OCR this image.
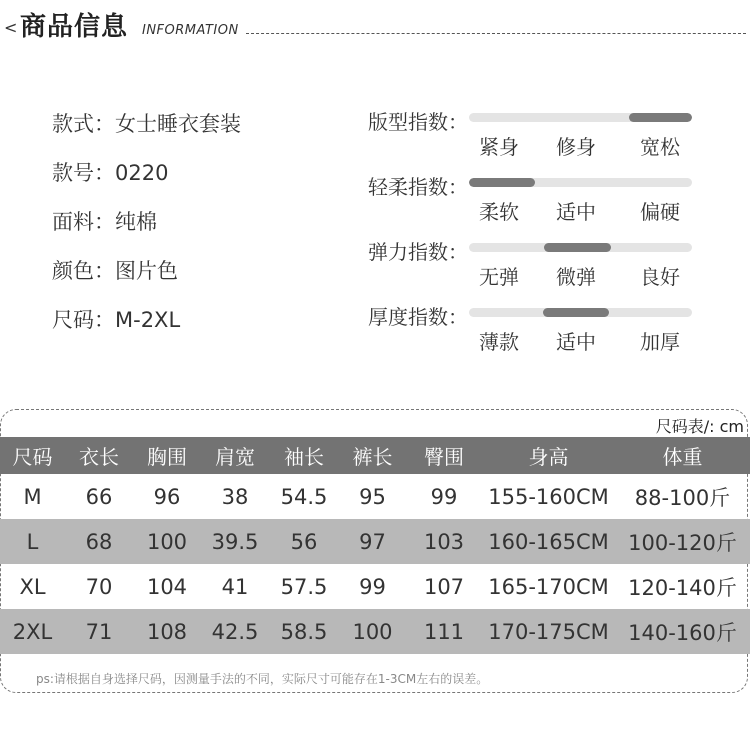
< 商品信息 INFORMATION
款式：女士睡衣套装
款号：0220
面料：纯棉
颜色：图片色
尺码：M-2XL
版型指数：
紧身 修身 宽松
轻柔指数：
柔软 适中 偏硬
弹力指数：
无弹 微弹 良好
厚度指数：
薄款 适中 加厚
尺码表/: cm
尺码	衣长	胸围	肩宽	袖长	裤长	臀围	身高	体重
M	66	96	38	54.5	95	99	155-160CM	88-100斤
L	68	100	39.5	56	97	103	160-165CM	100-120斤
XL	70	104	41	57.5	99	107	165-170CM	120-140斤
2XL	71	108	42.5	58.5	100	111	170-175CM	140-160斤
ps:请根据自身选择尺码，因测量手法的不同，实际尺寸可能存在1-3CM左右的误差。
